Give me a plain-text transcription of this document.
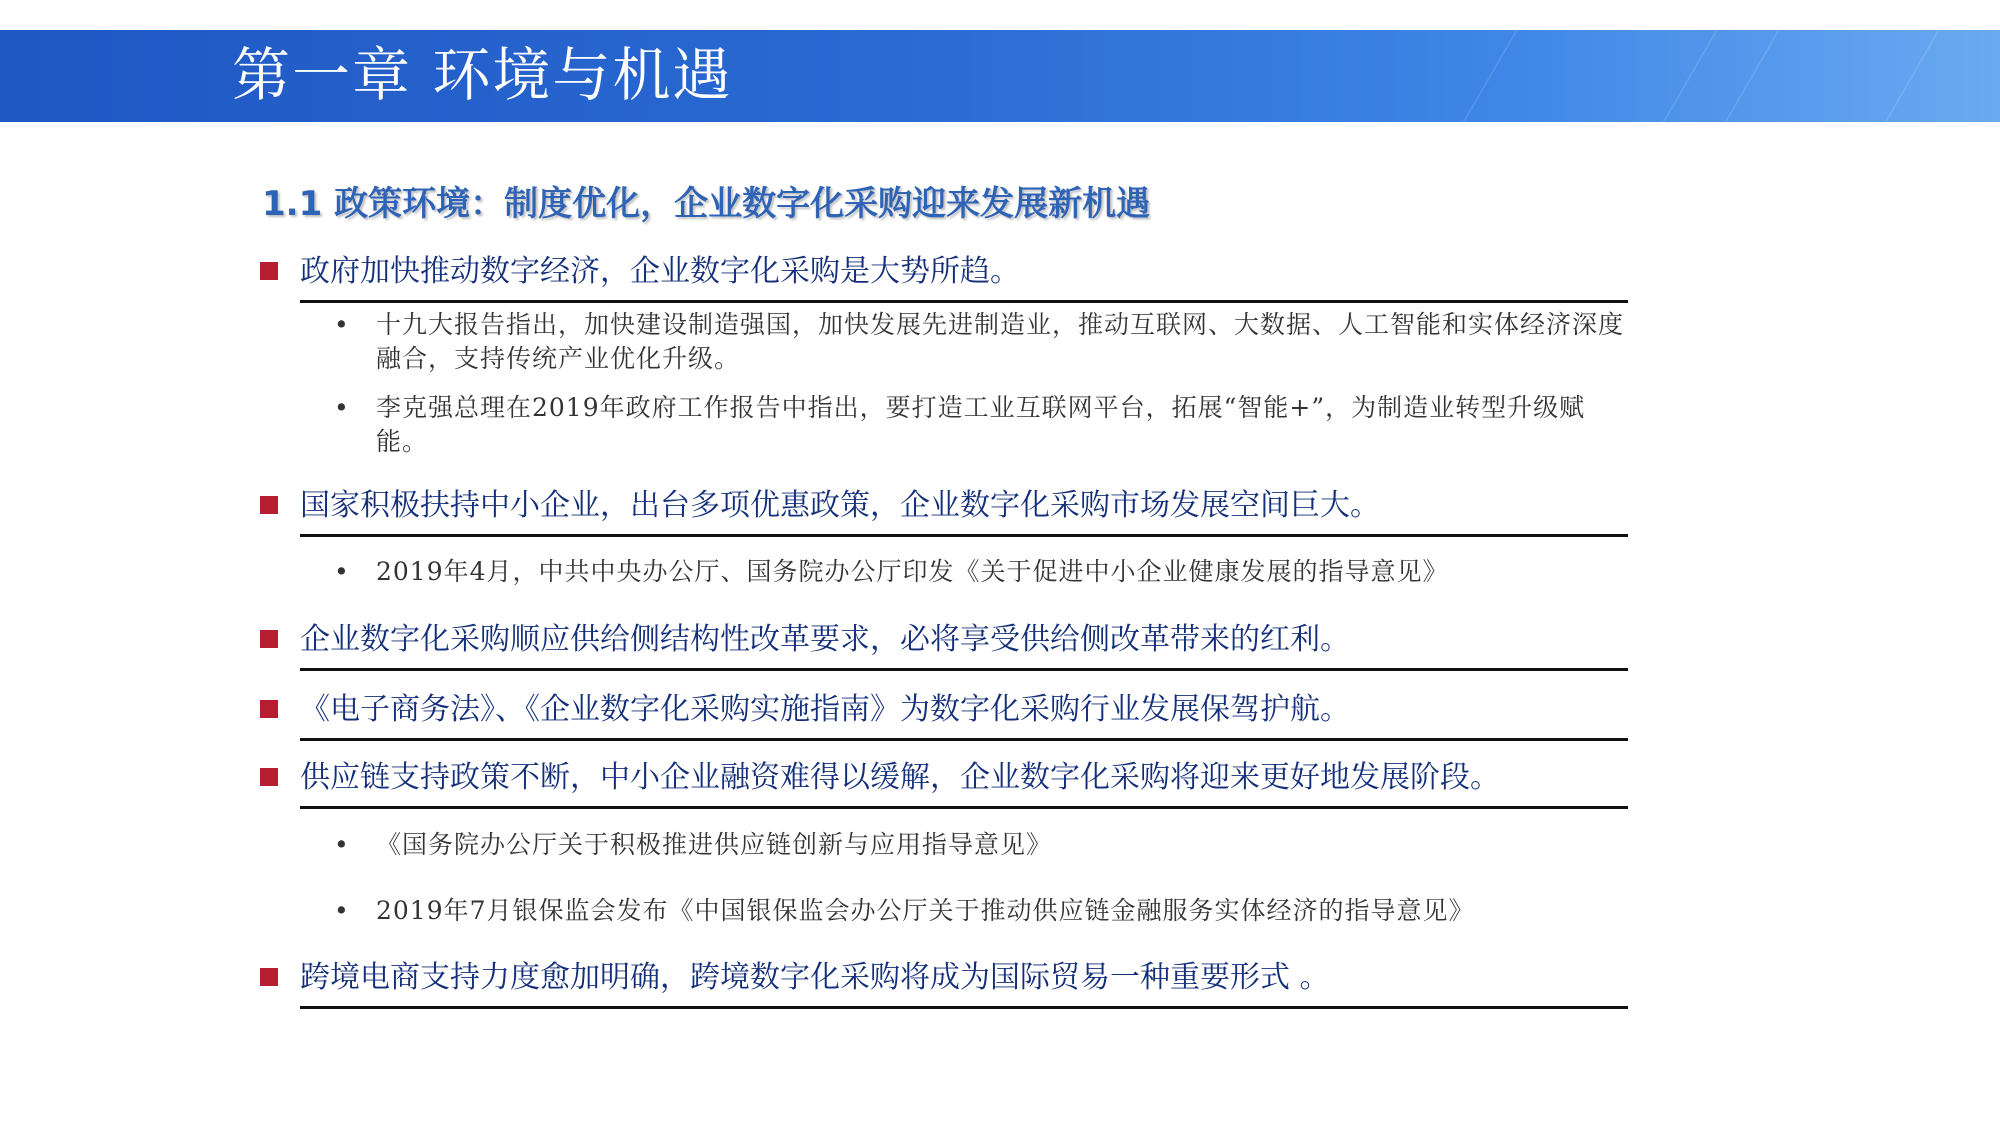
第一章 环境与机遇
1.1 政策环境：制度优化，企业数字化采购迎来发展新机遇
政府加快推动数字经济，企业数字化采购是大势所趋。
• 十九大报告指出，加快建设制造强国，加快发展先进制造业，推动互联网、大数据、人工智能和实体经济深度融合，支持传统产业优化升级。
• 李克强总理在2019年政府工作报告中指出，要打造工业互联网平台，拓展“智能+”，为制造业转型升级赋能。
国家积极扶持中小企业，出台多项优惠政策，企业数字化采购市场发展空间巨大。
• 2019年4月，中共中央办公厅、国务院办公厅印发《关于促进中小企业健康发展的指导意见》
企业数字化采购顺应供给侧结构性改革要求，必将享受供给侧改革带来的红利。
《电子商务法》、《企业数字化采购实施指南》为数字化采购行业发展保驾护航。
供应链支持政策不断，中小企业融资难得以缓解，企业数字化采购将迎来更好地发展阶段。
• 《国务院办公厅关于积极推进供应链创新与应用指导意见》
• 2019年7月银保监会发布《中国银保监会办公厅关于推动供应链金融服务实体经济的指导意见》
跨境电商支持力度愈加明确，跨境数字化采购将成为国际贸易一种重要形式 。
